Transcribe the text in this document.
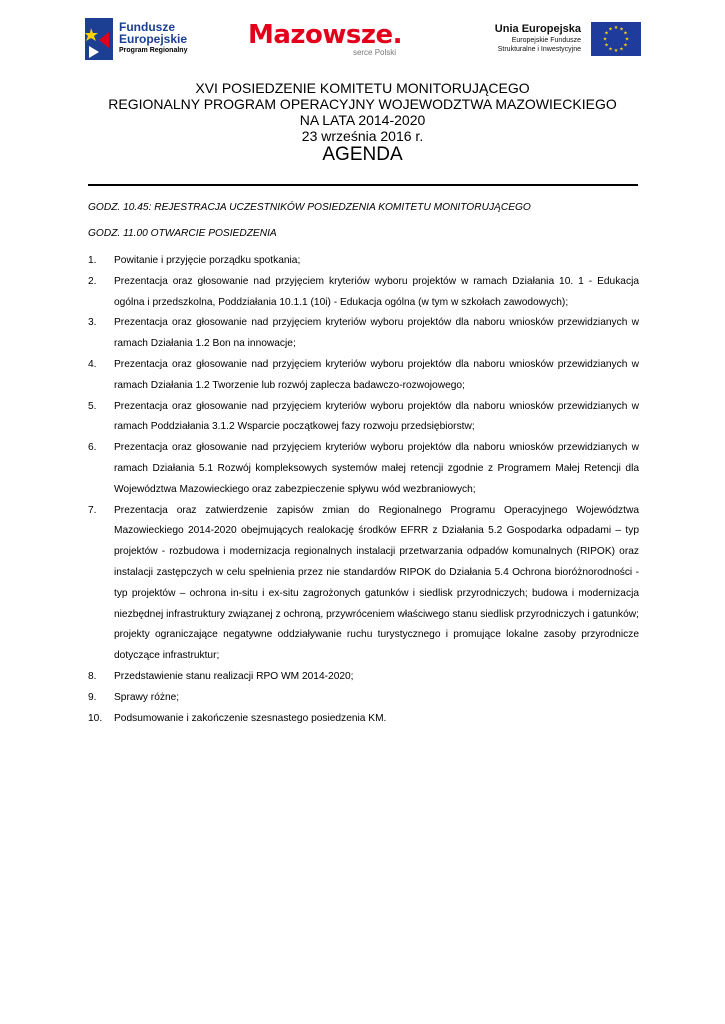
Fundusze
Europejskie
Program Regionalny
Mazowsze.
serce Polski
Unia Europejska
Europejskie Fundusze
Strukturalne i Inwestycyjne
★ ★
★
★
★
★
★
★
★
★
★
★
XVI POSIEDZENIE KOMITETU MONITORUJĄCEGO
REGIONALNY PROGRAM OPERACYJNY WOJEWODZTWA MAZOWIECKIEGO
NA LATA 2014-2020
23 września 2016 r.
AGENDA
GODZ. 10.45: REJESTRACJA UCZESTNIKÓW POSIEDZENIA KOMITETU MONITORUJĄCEGO
GODZ. 11.00 OTWARCIE POSIEDZENIA
1. Powitanie i przyjęcie porządku spotkania;
2. Prezentacja oraz głosowanie nad przyjęciem kryteriów wyboru projektów w ramach Działania 10. 1 - Edukacja ogólna i przedszkolna, Poddziałania 10.1.1 (10i) - Edukacja ogólna (w tym w szkołach zawodowych);
3. Prezentacja oraz głosowanie nad przyjęciem kryteriów wyboru projektów dla naboru wniosków przewidzianych w ramach Działania 1.2 Bon na innowacje;
4. Prezentacja oraz głosowanie nad przyjęciem kryteriów wyboru projektów dla naboru wniosków przewidzianych w ramach Działania 1.2 Tworzenie lub rozwój zaplecza badawczo-rozwojowego;
5. Prezentacja oraz głosowanie nad przyjęciem kryteriów wyboru projektów dla naboru wniosków przewidzianych w ramach Poddziałania 3.1.2 Wsparcie początkowej fazy rozwoju przedsiębiorstw;
6. Prezentacja oraz głosowanie nad przyjęciem kryteriów wyboru projektów dla naboru wniosków przewidzianych w ramach Działania 5.1 Rozwój kompleksowych systemów małej retencji zgodnie z Programem Małej Retencji dla Województwa Mazowieckiego oraz zabezpieczenie spływu wód wezbraniowych;
7. Prezentacja oraz zatwierdzenie zapisów zmian do Regionalnego Programu Operacyjnego Województwa Mazowieckiego 2014-2020 obejmujących realokację środków EFRR z Działania 5.2 Gospodarka odpadami – typ projektów - rozbudowa i modernizacja regionalnych instalacji przetwarzania odpadów komunalnych (RIPOK) oraz instalacji zastępczych w celu spełnienia przez nie standardów RIPOK do Działania 5.4 Ochrona bioróżnorodności - typ projektów – ochrona in-situ i ex-situ zagrożonych gatunków i siedlisk przyrodniczych; budowa i modernizacja niezbędnej infrastruktury związanej z ochroną, przywróceniem właściwego stanu siedlisk przyrodniczych i gatunków; projekty ograniczające negatywne oddziaływanie ruchu turystycznego i promujące lokalne zasoby przyrodnicze dotyczące infrastruktur;
8. Przedstawienie stanu realizacji RPO WM 2014-2020;
9. Sprawy różne;
10. Podsumowanie i zakończenie szesnastego posiedzenia KM.
